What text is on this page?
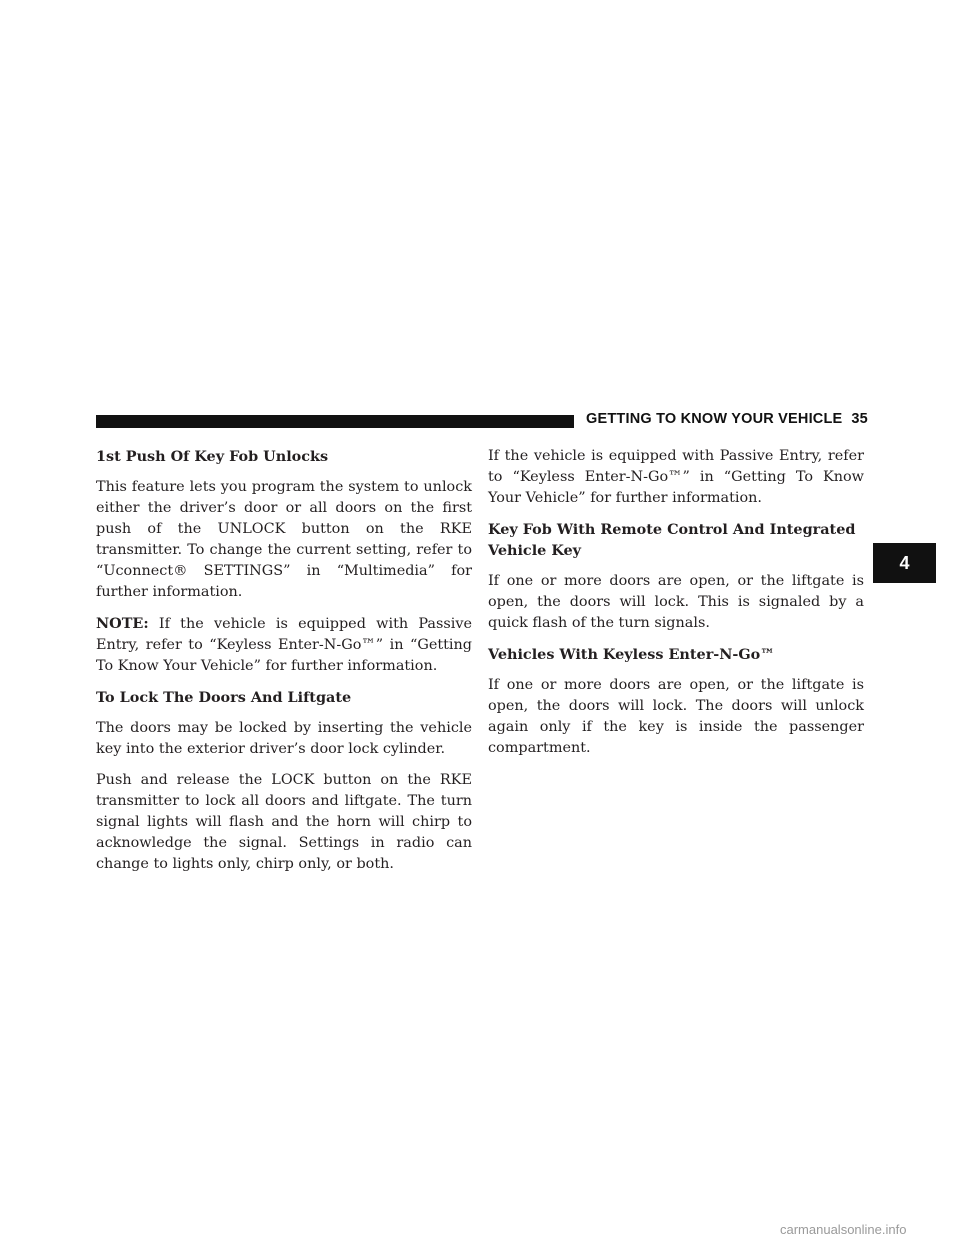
GETTING TO KNOW YOUR VEHICLE 35
1st Push Of Key Fob Unlocks

This feature lets you program the system to unlock either the driver’s door or all doors on the first push of the UNLOCK button on the RKE transmitter. To change the current setting, refer to “Uconnect® SETTINGS” in “Multimedia” for further information.

NOTE: If the vehicle is equipped with Passive Entry, refer to “Keyless Enter-N-Go™” in “Getting To Know Your Vehicle” for further information.

To Lock The Doors And Liftgate

The doors may be locked by inserting the vehicle key into the exterior driver’s door lock cylinder.

Push and release the LOCK button on the RKE transmitter to lock all doors and liftgate. The turn signal lights will flash and the horn will chirp to acknowledge the signal. Settings in radio can change to lights only, chirp only, or both.

If the vehicle is equipped with Passive Entry, refer to “Keyless Enter-N-Go™” in “Getting To Know Your Vehicle” for further information.

Key Fob With Remote Control And Integrated Vehicle Key

If one or more doors are open, or the liftgate is open, the doors will lock. This is signaled by a quick flash of the turn signals.

Vehicles With Keyless Enter-N-Go™

If one or more doors are open, or the liftgate is open, the doors will lock. The doors will unlock again only if the key is inside the passenger compartment.

4
carmanualsonline.info
